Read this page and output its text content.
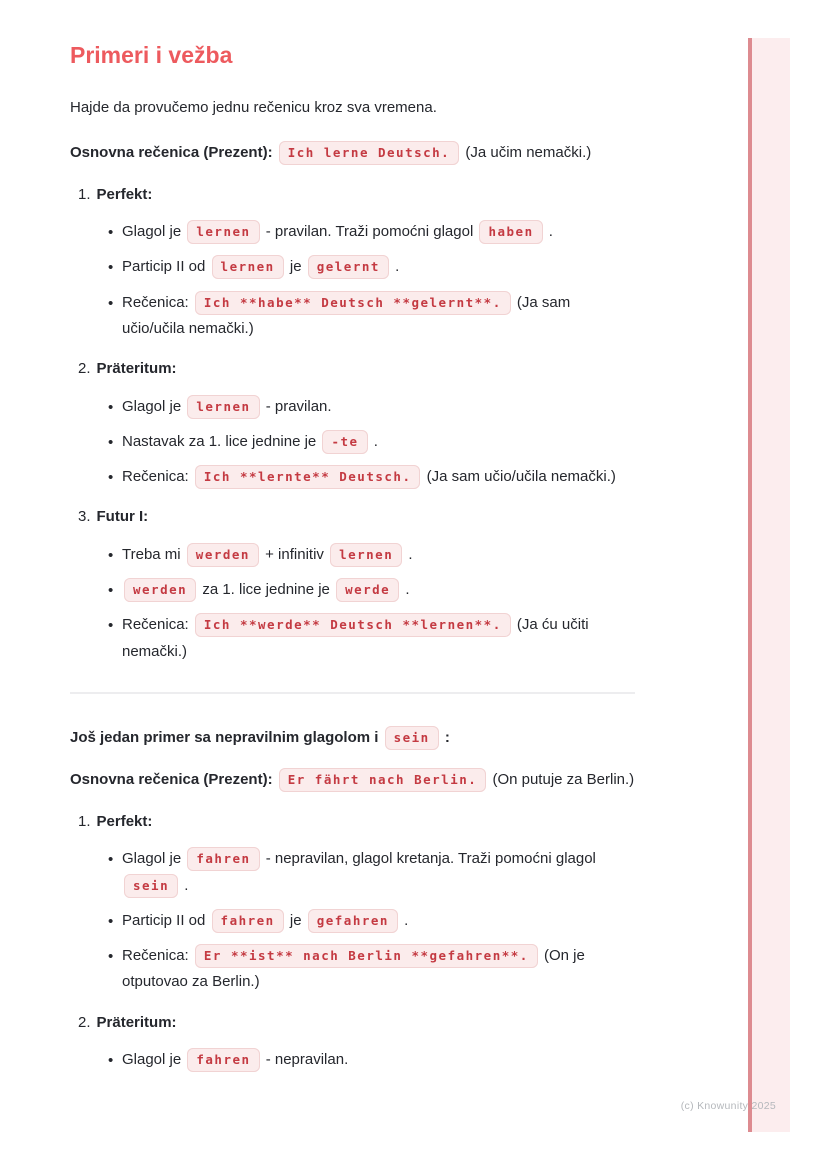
Primeri i vežba

Hajde da provučemo jednu rečenicu kroz sva vremena.

Osnovna rečenica (Prezent): Ich lerne Deutsch. (Ja učim nemački.)

1. Perfekt:
• Glagol je lernen - pravilan. Traži pomoćni glagol haben .
• Particip II od lernen je gelernt .
• Rečenica: Ich **habe** Deutsch **gelernt**. (Ja sam učio/učila nemački.)
2. Präteritum:
• Glagol je lernen - pravilan.
• Nastavak za 1. lice jednine je -te .
• Rečenica: Ich **lernte** Deutsch. (Ja sam učio/učila nemački.)
3. Futur I:
• Treba mi werden + infinitiv lernen .
• werden za 1. lice jednine je werde .
• Rečenica: Ich **werde** Deutsch **lernen**. (Ja ću učiti nemački.)

Još jedan primer sa nepravilnim glagolom i sein :

Osnovna rečenica (Prezent): Er fährt nach Berlin. (On putuje za Berlin.)

1. Perfekt:
• Glagol je fahren - nepravilan, glagol kretanja. Traži pomoćni glagol sein .
• Particip II od fahren je gefahren .
• Rečenica: Er **ist** nach Berlin **gefahren**. (On je otputovao za Berlin.)
2. Präteritum:
• Glagol je fahren - nepravilan.
(c) Knowunity 2025
